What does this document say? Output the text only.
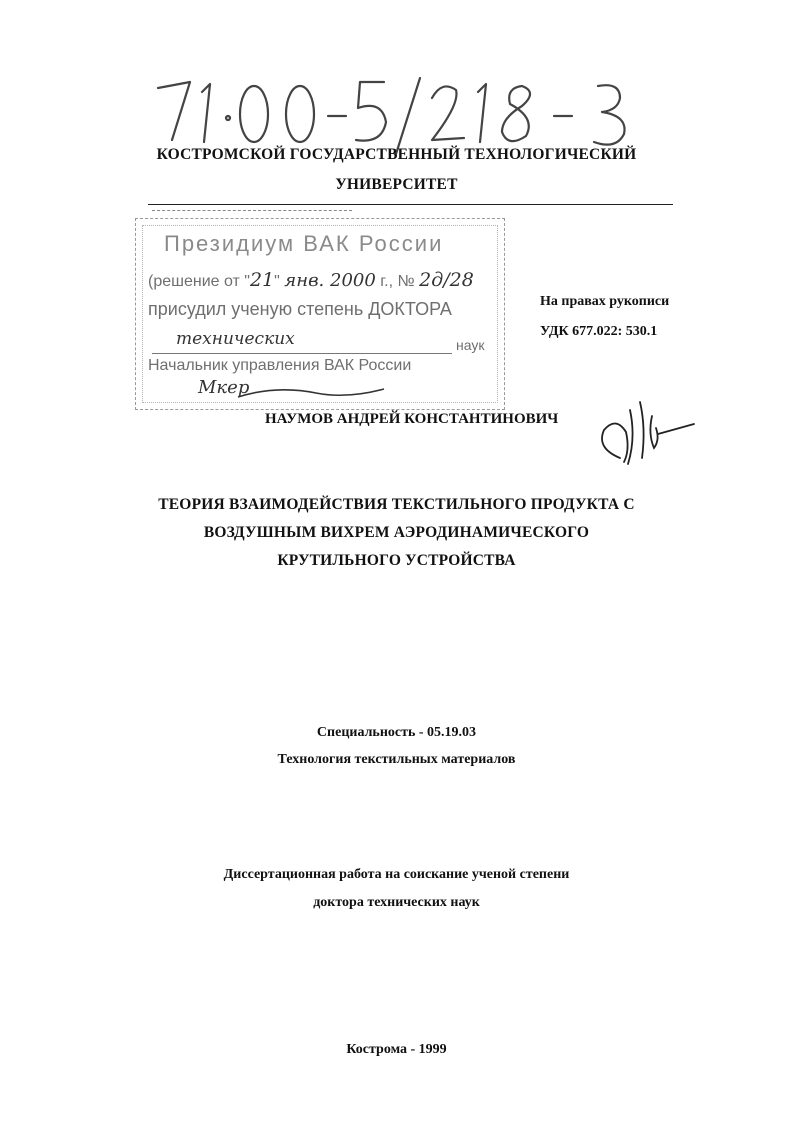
КОСТРОМСКОЙ ГОСУДАРСТВЕННЫЙ ТЕХНОЛОГИЧЕСКИЙ
УНИВЕРСИТЕТ
Президиум ВАК России
(решение от "21" янв. 2000 г., № 2д/28
присудил ученую степень ДОКТОРА
технических	наук
Начальник управления ВАК России
Мкер
На правах рукописи
УДК 677.022: 530.1
НАУМОВ АНДРЕЙ КОНСТАНТИНОВИЧ
ТЕОРИЯ ВЗАИМОДЕЙСТВИЯ ТЕКСТИЛЬНОГО ПРОДУКТА С
ВОЗДУШНЫМ ВИХРЕМ АЭРОДИНАМИЧЕСКОГО
КРУТИЛЬНОГО УСТРОЙСТВА
Специальность - 05.19.03
Технология текстильных материалов
Диссертационная работа на соискание ученой степени
доктора технических наук
Кострома - 1999
